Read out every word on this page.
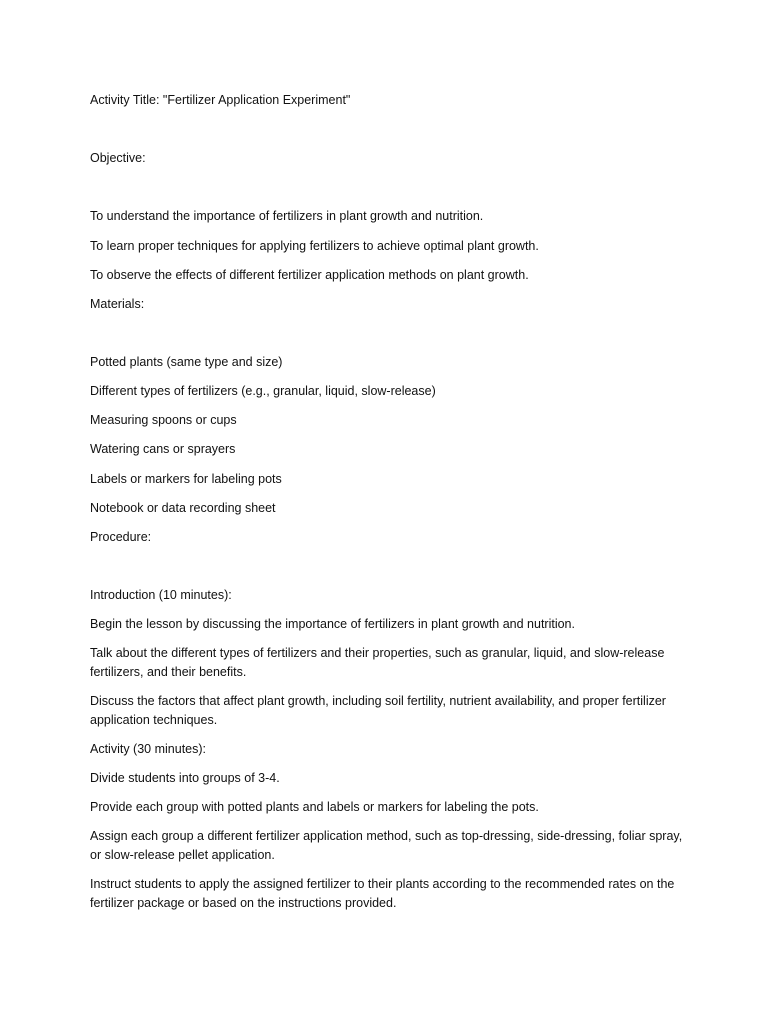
Activity Title: "Fertilizer Application Experiment"

Objective:

To understand the importance of fertilizers in plant growth and nutrition.

To learn proper techniques for applying fertilizers to achieve optimal plant growth.

To observe the effects of different fertilizer application methods on plant growth.

Materials:

Potted plants (same type and size)

Different types of fertilizers (e.g., granular, liquid, slow-release)

Measuring spoons or cups

Watering cans or sprayers

Labels or markers for labeling pots

Notebook or data recording sheet

Procedure:

Introduction (10 minutes):

Begin the lesson by discussing the importance of fertilizers in plant growth and nutrition.

Talk about the different types of fertilizers and their properties, such as granular, liquid, and slow-release fertilizers, and their benefits.

Discuss the factors that affect plant growth, including soil fertility, nutrient availability, and proper fertilizer application techniques.

Activity (30 minutes):

Divide students into groups of 3-4.

Provide each group with potted plants and labels or markers for labeling the pots.

Assign each group a different fertilizer application method, such as top-dressing, side-dressing, foliar spray, or slow-release pellet application.

Instruct students to apply the assigned fertilizer to their plants according to the recommended rates on the fertilizer package or based on the instructions provided.
